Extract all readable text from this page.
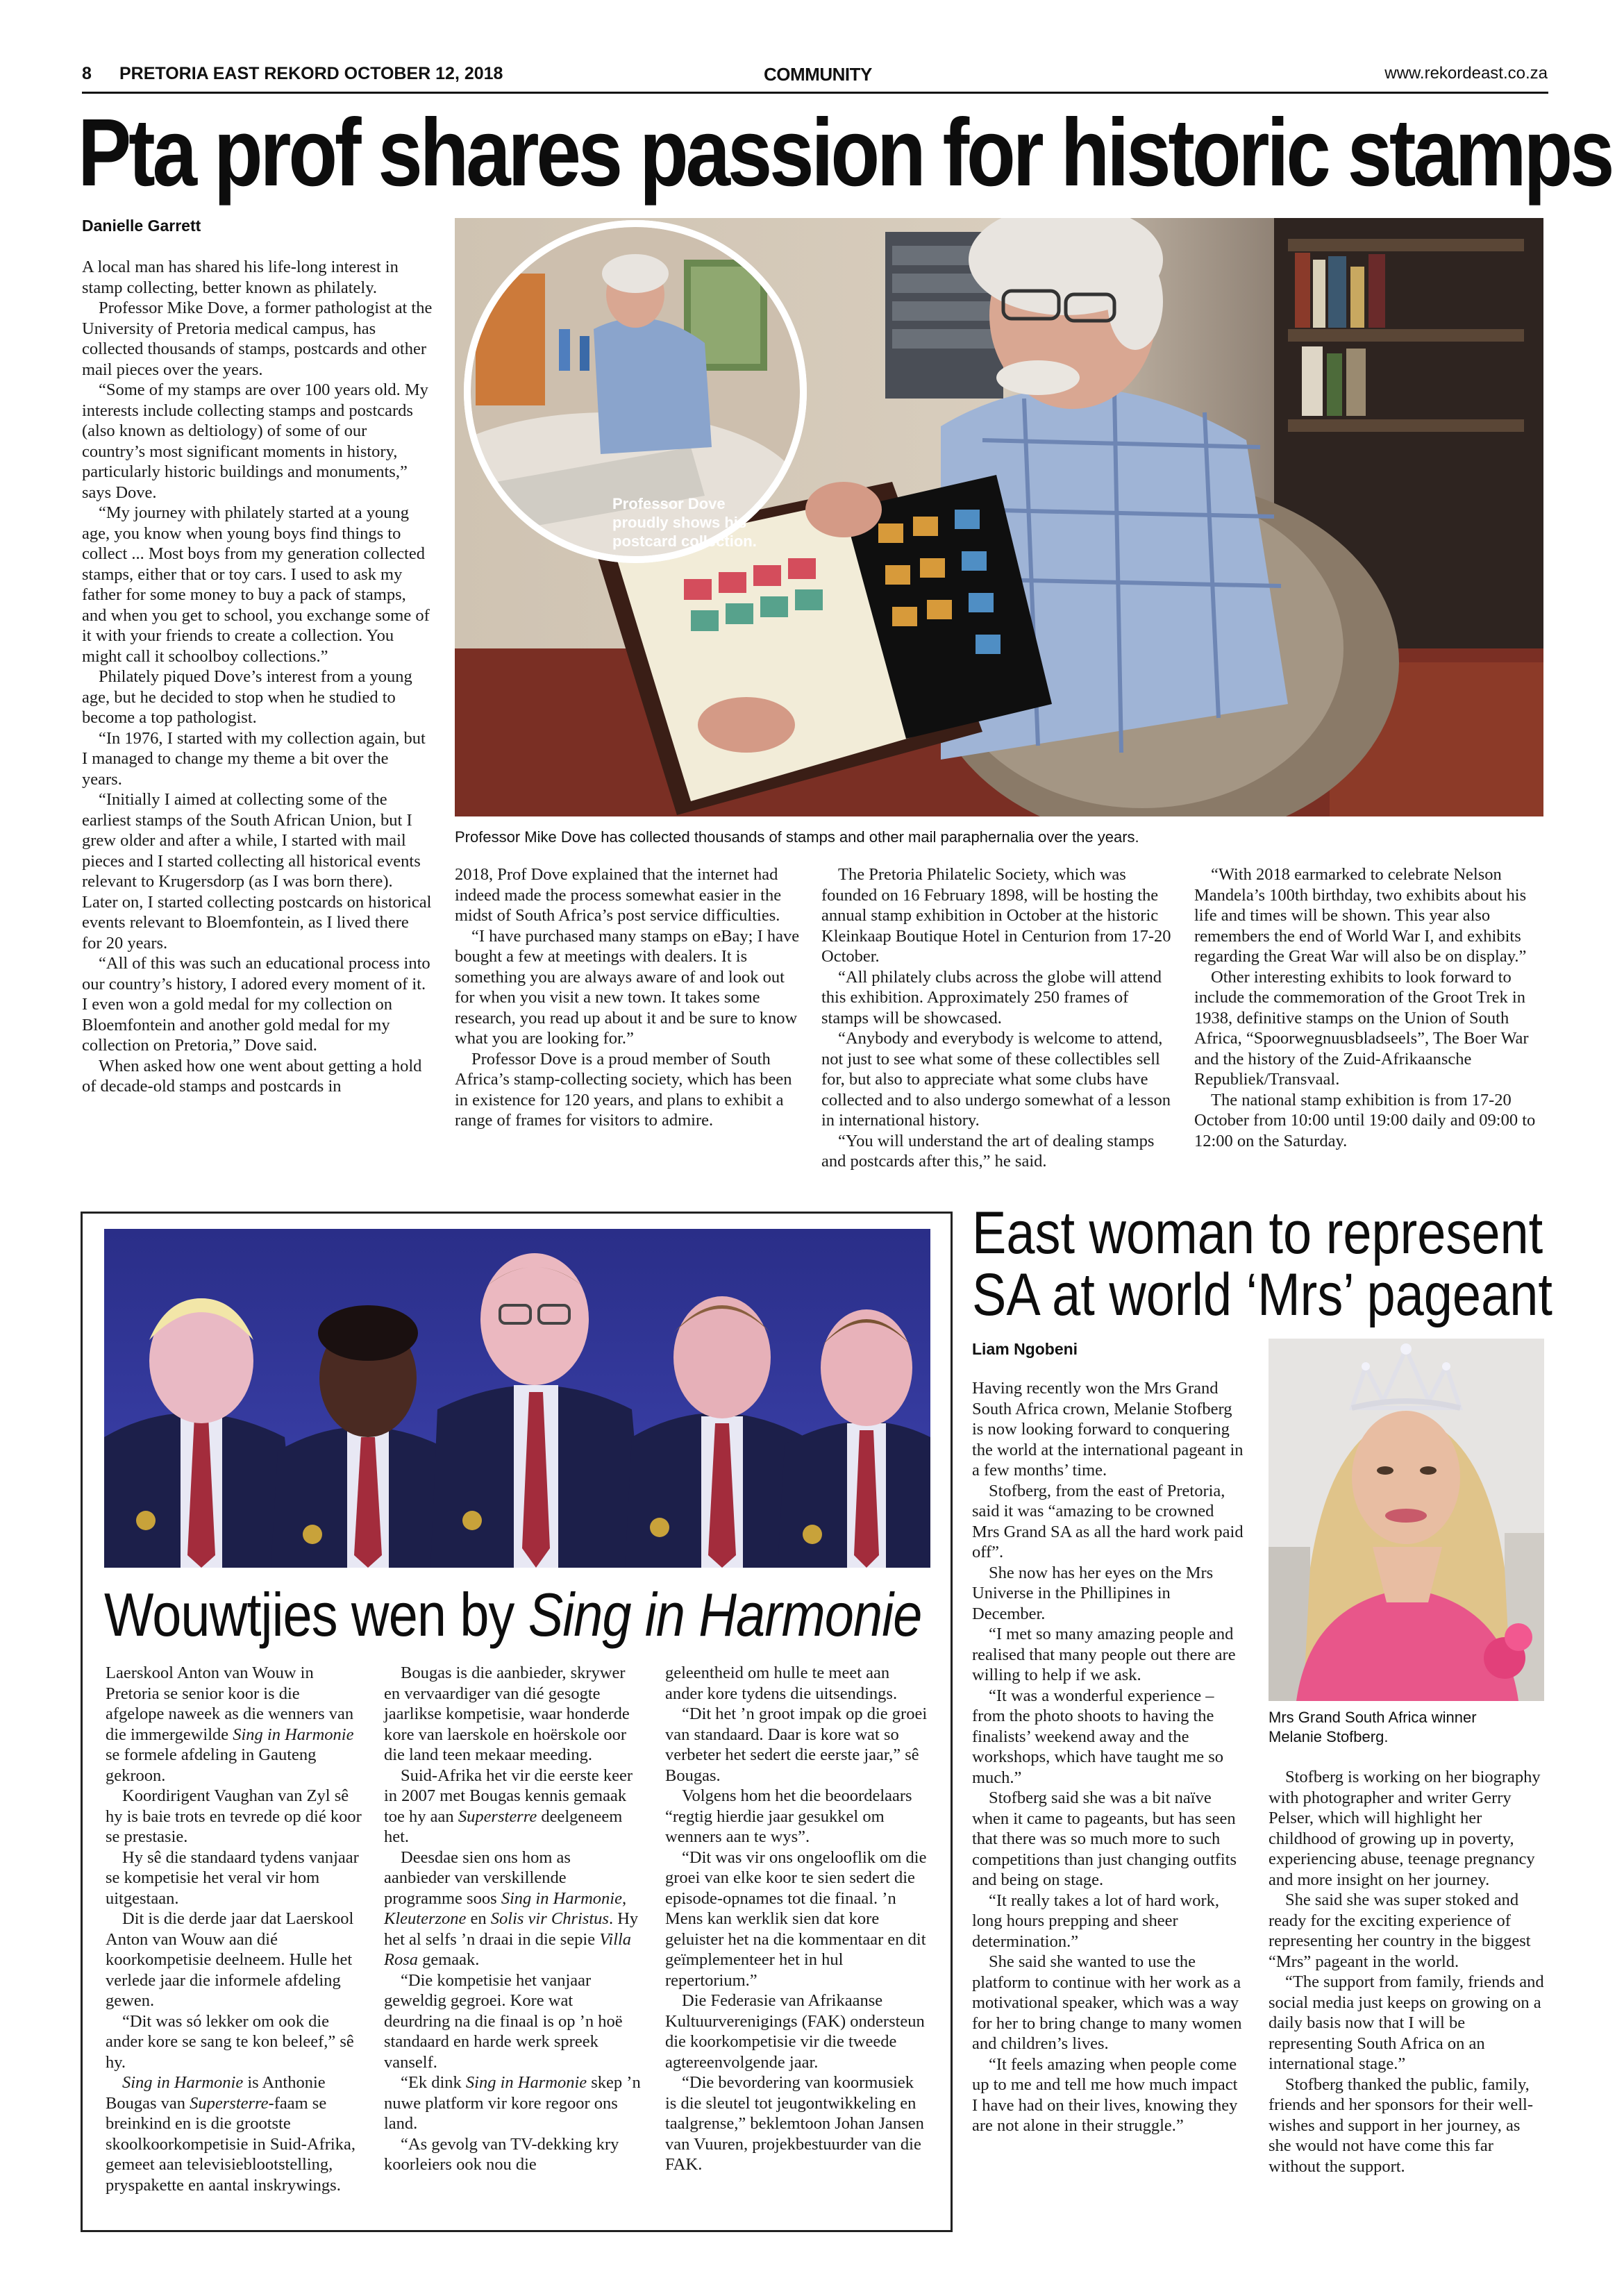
8 PRETORIA EAST REKORD OCTOBER 12, 2018	COMMUNITY	www.rekordeast.co.za
Pta prof shares passion for historic stamps
Danielle Garrett

A local man has shared his life-long interest in stamp collecting, better known as philately.

Professor Mike Dove, a former pathologist at the University of Pretoria medical campus, has collected thousands of stamps, postcards and other mail pieces over the years.

“Some of my stamps are over 100 years old. My interests include collecting stamps and postcards (also known as deltiology) of some of our country’s most significant moments in history, particularly historic buildings and monuments,” says Dove.

“My journey with philately started at a young age, you know when young boys find things to collect ... Most boys from my generation collected stamps, either that or toy cars. I used to ask my father for some money to buy a pack of stamps, and when you get to school, you exchange some of it with your friends to create a collection. You might call it schoolboy collections.”

Philately piqued Dove’s interest from a young age, but he decided to stop when he studied to become a top pathologist.

“In 1976, I started with my collection again, but I managed to change my theme a bit over the years.

“Initially I aimed at collecting some of the earliest stamps of the South African Union, but I grew older and after a while, I started with mail pieces and I started collecting all historical events relevant to Krugersdorp (as I was born there). Later on, I started collecting postcards on historical events relevant to Bloemfontein, as I lived there for 20 years.

“All of this was such an educational process into our country’s history, I adored every moment of it. I even won a gold medal for my collection on Bloemfontein and another gold medal for my collection on Pretoria,” Dove said.

When asked how one went about getting a hold of decade-old stamps and postcards in

Professor Dove proudly shows his postcard collection.
Professor Mike Dove has collected thousands of stamps and other mail paraphernalia over the years.

2018, Prof Dove explained that the internet had indeed made the process somewhat easier in the midst of South Africa’s post service difficulties.

“I have purchased many stamps on eBay; I have bought a few at meetings with dealers. It is something you are always aware of and look out for when you visit a new town. It takes some research, you read up about it and be sure to know what you are looking for.”

Professor Dove is a proud member of South Africa’s stamp-collecting society, which has been in existence for 120 years, and plans to exhibit a range of frames for visitors to admire.

The Pretoria Philatelic Society, which was founded on 16 February 1898, will be hosting the annual stamp exhibition in October at the historic Kleinkaap Boutique Hotel in Centurion from 17-20 October.

“All philately clubs across the globe will attend this exhibition. Approximately 250 frames of stamps will be showcased.

“Anybody and everybody is welcome to attend, not just to see what some of these collectibles sell for, but also to appreciate what some clubs have collected and to also undergo somewhat of a lesson in international history.

“You will understand the art of dealing stamps and postcards after this,” he said.

“With 2018 earmarked to celebrate Nelson Mandela’s 100th birthday, two exhibits about his life and times will be shown. This year also remembers the end of World War I, and exhibits regarding the Great War will also be on display.”

Other interesting exhibits to look forward to include the commemoration of the Groot Trek in 1938, definitive stamps on the Union of South Africa, “Spoorwegnuusbladseels”, The Boer War and the history of the Zuid-Afrikaansche Republiek/Transvaal.

The national stamp exhibition is from 17-20 October from 10:00 until 19:00 daily and 09:00 to 12:00 on the Saturday.

Wouwtjies wen by Sing in Harmonie

Laerskool Anton van Wouw in Pretoria se senior koor is die afgelope naweek as die wenners van die immergewilde Sing in Harmonie se formele afdeling in Gauteng gekroon.

Koordirigent Vaughan van Zyl sê hy is baie trots en tevrede op dié koor se prestasie.

Hy sê die standaard tydens vanjaar se kompetisie het veral vir hom uitgestaan.

Dit is die derde jaar dat Laerskool Anton van Wouw aan dié koorkompetisie deelneem. Hulle het verlede jaar die informele afdeling gewen.

“Dit was só lekker om ook die ander kore se sang te kon beleef,” sê hy.

Sing in Harmonie is Anthonie Bougas van Supersterre-faam se breinkind en is die grootste skoolkoorkompetisie in Suid-Afrika, gemeet aan televisieblootstelling, pryspakette en aantal inskrywings.

Bougas is die aanbieder, skrywer en vervaardiger van dié gesogte jaarlikse kompetisie, waar honderde kore van laerskole en hoërskole oor die land teen mekaar meeding.

Suid-Afrika het vir die eerste keer in 2007 met Bougas kennis gemaak toe hy aan Supersterre deelgeneem het.

Deesdae sien ons hom as aanbieder van verskillende programme soos Sing in Harmonie, Kleuterzone en Solis vir Christus. Hy het al selfs ’n draai in die sepie Villa Rosa gemaak.

“Die kompetisie het vanjaar geweldig gegroei. Kore wat deurdring na die finaal is op ’n hoë standaard en harde werk spreek vanself.

“Ek dink Sing in Harmonie skep ’n nuwe platform vir kore regoor ons land.

“As gevolg van TV-dekking kry koorleiers ook nou die

geleentheid om hulle te meet aan ander kore tydens die uitsendings.

“Dit het ’n groot impak op die groei van standaard. Daar is kore wat so verbeter het sedert die eerste jaar,” sê Bougas.

Volgens hom het die beoordelaars “regtig hierdie jaar gesukkel om wenners aan te wys”.

“Dit was vir ons ongelooflik om die groei van elke koor te sien sedert die episode-opnames tot die finaal. ’n Mens kan werklik sien dat kore geluister het na die kommentaar en dit geïmplementeer het in hul repertorium.”

Die Federasie van Afrikaanse Kultuurverenigings (FAK) ondersteun die koorkompetisie vir die tweede agtereenvolgende jaar.

“Die bevordering van koormusiek is die sleutel tot jeugontwikkeling en taalgrense,” beklemtoon Johan Jansen van Vuuren, projekbestuurder van die FAK.

East woman to represent
SA at world ‘Mrs’ pageant
Liam Ngobeni
Mrs Grand South Africa winner Melanie Stofberg.

Having recently won the Mrs Grand South Africa crown, Melanie Stofberg is now looking forward to conquering the world at the international pageant in a few months’ time.

Stofberg, from the east of Pretoria, said it was “amazing to be crowned Mrs Grand SA as all the hard work paid off”.

She now has her eyes on the Mrs Universe in the Phillipines in December.

“I met so many amazing people and realised that many people out there are willing to help if we ask.

“It was a wonderful experience – from the photo shoots to having the finalists’ weekend away and the workshops, which have taught me so much.”

Stofberg said she was a bit naïve when it came to pageants, but has seen that there was so much more to such competitions than just changing outfits and being on stage.

“It really takes a lot of hard work, long hours prepping and sheer determination.”

She said she wanted to use the platform to continue with her work as a motivational speaker, which was a way for her to bring change to many women and children’s lives.

“It feels amazing when people come up to me and tell me how much impact I have had on their lives, knowing they are not alone in their struggle.”

Stofberg is working on her biography with photographer and writer Gerry Pelser, which will highlight her childhood of growing up in poverty, experiencing abuse, teenage pregnancy and more insight on her journey.

She said she was super stoked and ready for the exciting experience of representing her country in the biggest “Mrs” pageant in the world.

“The support from family, friends and social media just keeps on growing on a daily basis now that I will be representing South Africa on an international stage.”

Stofberg thanked the public, family, friends and her sponsors for their well-wishes and support in her journey, as she would not have come this far without the support.
